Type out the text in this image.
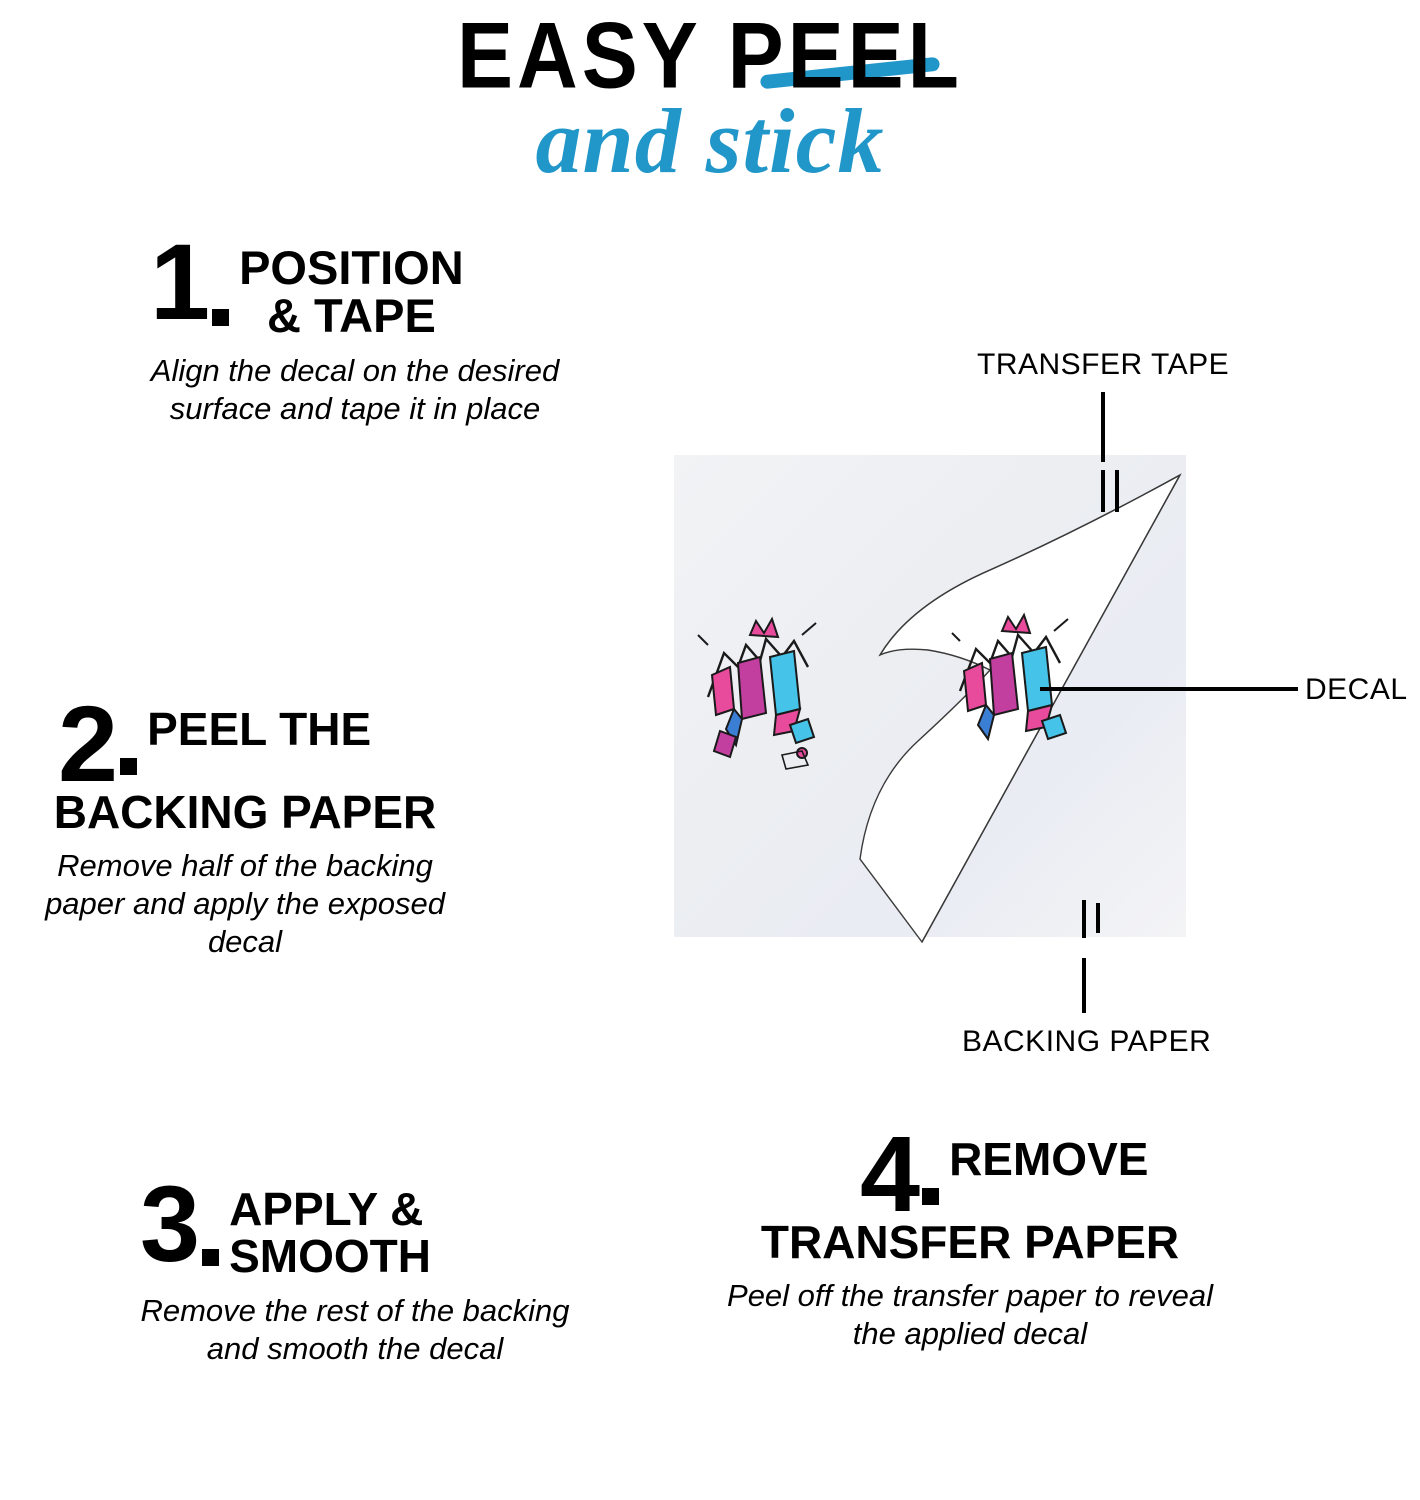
EASY PEEL
and stick
1 POSITION
& TAPE
Align the decal on the desired surface and tape it in place
2 PEEL THE
BACKING PAPER
Remove half of the backing paper and apply the exposed decal
3 APPLY &
SMOOTH
Remove the rest of the backing and smooth the decal
4 REMOVE
TRANSFER PAPER
Peel off the transfer paper to reveal the applied decal
TRANSFER TAPE
DECAL
BACKING PAPER
